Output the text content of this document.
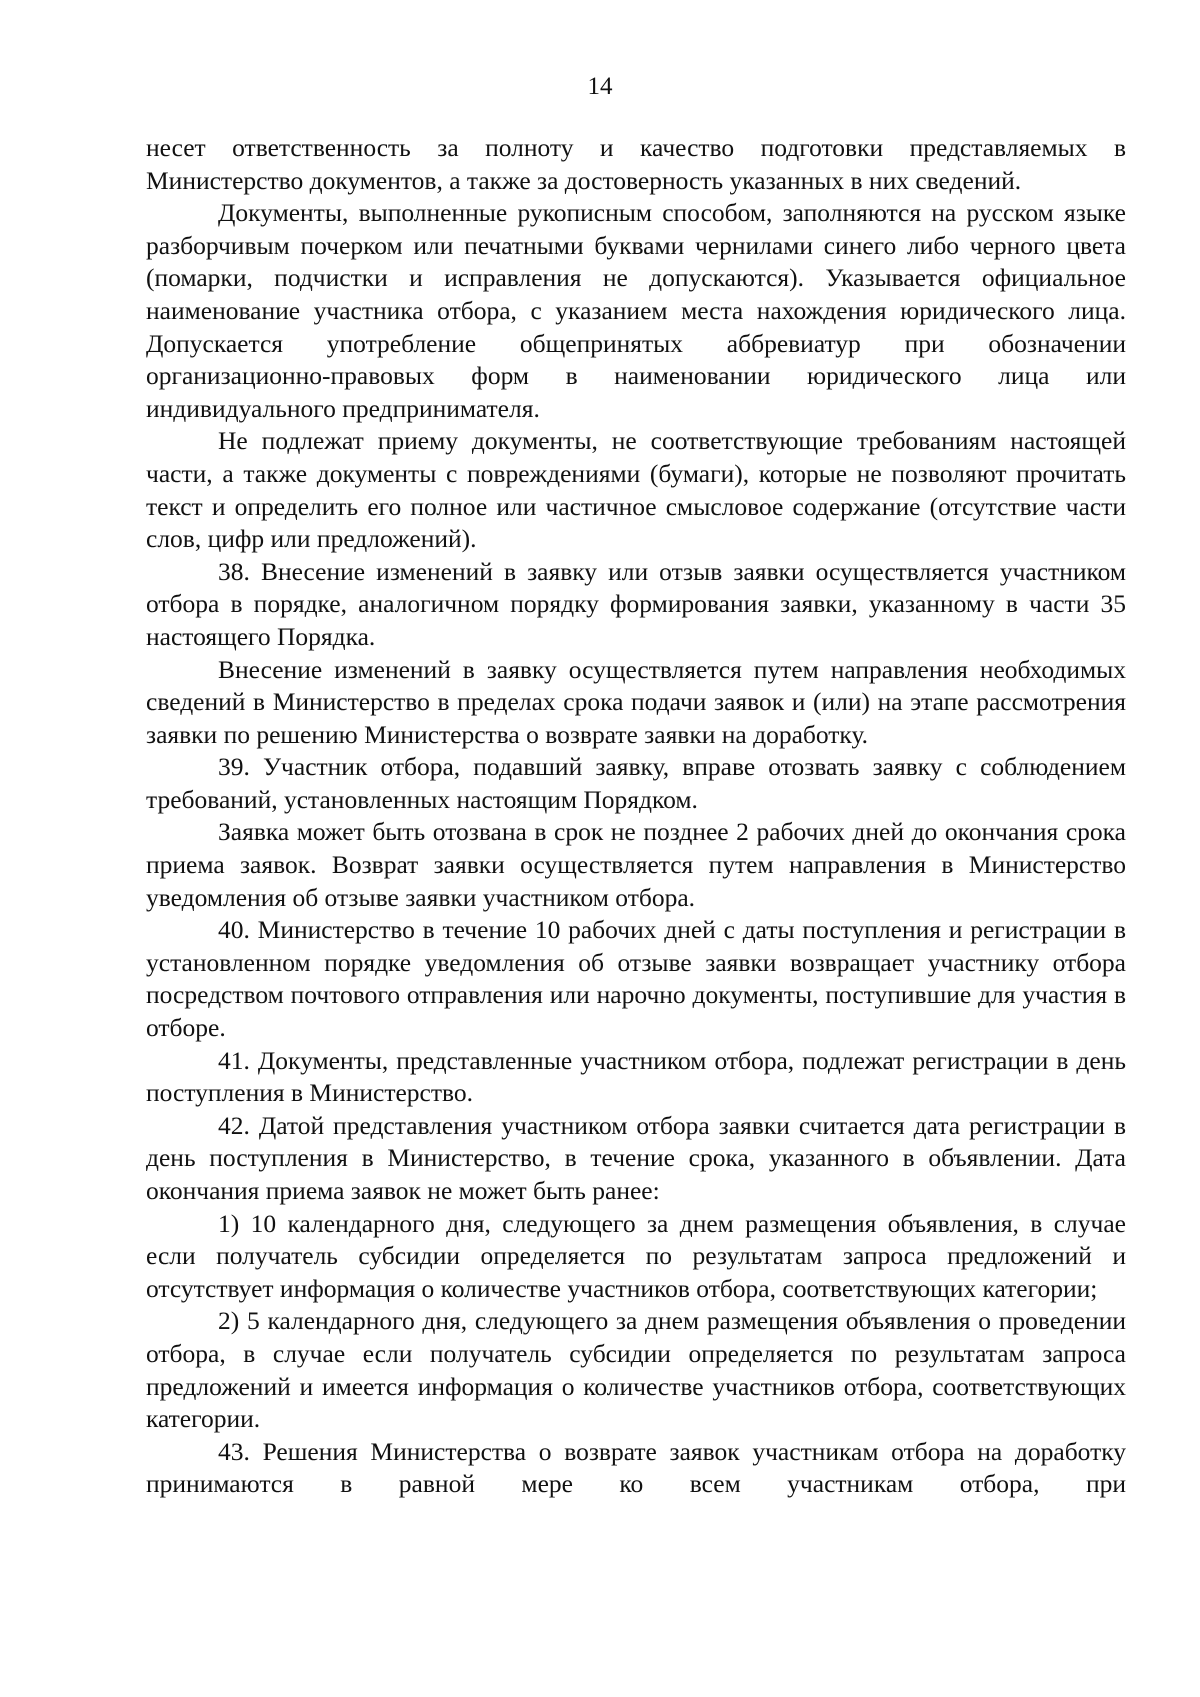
14

несет ответственность за полноту и качество подготовки представляемых в Министерство документов, а также за достоверность указанных в них сведений.

Документы, выполненные рукописным способом, заполняются на русском языке разборчивым почерком или печатными буквами чернилами синего либо черного цвета (помарки, подчистки и исправления не допускаются). Указывается официальное наименование участника отбора, с указанием места нахождения юридического лица. Допускается употребление общепринятых аббревиатур при обозначении организационно-правовых форм в наименовании юридического лица или индивидуального предпринимателя.

Не подлежат приему документы, не соответствующие требованиям настоящей части, а также документы с повреждениями (бумаги), которые не позволяют прочитать текст и определить его полное или частичное смысловое содержание (отсутствие части слов, цифр или предложений).

38. Внесение изменений в заявку или отзыв заявки осуществляется участником отбора в порядке, аналогичном порядку формирования заявки, указанному в части 35 настоящего Порядка.

Внесение изменений в заявку осуществляется путем направления необходимых сведений в Министерство в пределах срока подачи заявок и (или) на этапе рассмотрения заявки по решению Министерства о возврате заявки на доработку.

39. Участник отбора, подавший заявку, вправе отозвать заявку с соблюдением требований, установленных настоящим Порядком.

Заявка может быть отозвана в срок не позднее 2 рабочих дней до окончания срока приема заявок. Возврат заявки осуществляется путем направления в Министерство уведомления об отзыве заявки участником отбора.

40. Министерство в течение 10 рабочих дней с даты поступления и регистрации в установленном порядке уведомления об отзыве заявки возвращает участнику отбора посредством почтового отправления или нарочно документы, поступившие для участия в отборе.

41. Документы, представленные участником отбора, подлежат регистрации в день поступления в Министерство.

42. Датой представления участником отбора заявки считается дата регистрации в день поступления в Министерство, в течение срока, указанного в объявлении. Дата окончания приема заявок не может быть ранее:

1) 10 календарного дня, следующего за днем размещения объявления, в случае если получатель субсидии определяется по результатам запроса предложений и отсутствует информация о количестве участников отбора, соответствующих категории;

2) 5 календарного дня, следующего за днем размещения объявления о проведении отбора, в случае если получатель субсидии определяется по результатам запроса предложений и имеется информация о количестве участников отбора, соответствующих категории.

43. Решения Министерства о возврате заявок участникам отбора на доработку принимаются в равной мере ко всем участникам отбора, при
